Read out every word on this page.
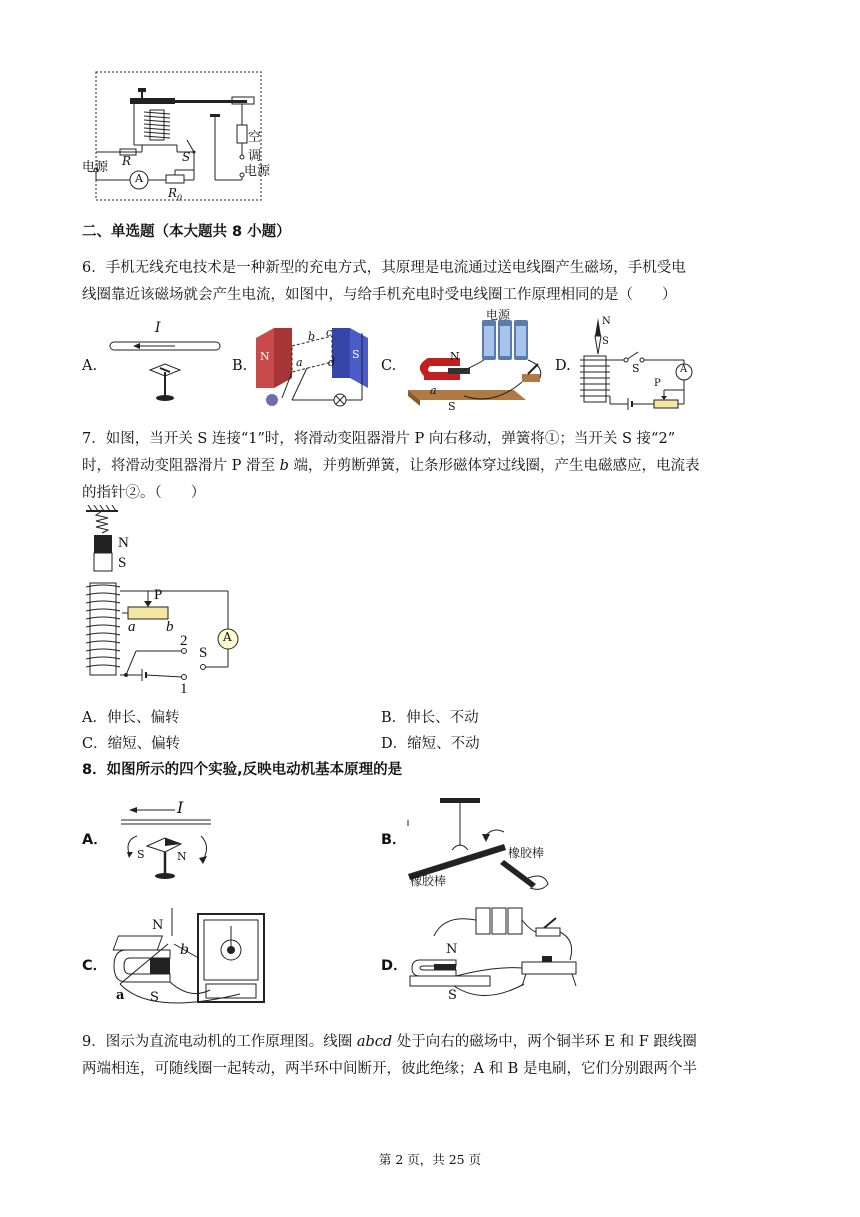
电源	电源
空调
R	S
A
$R_0$
二、单选题（本大题共 8 小题）
6．手机无线充电技术是一种新型的充电方式，其原理是电流通过送电线圈产生磁场，手机受电
线圈靠近该磁场就会产生电流，如图中，与给手机充电时受电线圈工作原理相同的是（　　）
A.
I
B.
N	S
a
b c
d	C.
电源
N
S
a
D.
N
S
S	A
P
7．如图，当开关 S 连接“1”时，将滑动变阻器滑片 P 向右移动，弹簧将①；当开关 S 接“2”
时，将滑动变阻器滑片 P 滑至 b 端，并剪断弹簧，让条形磁体穿过线圈，产生电磁感应，电流表
的指针②。（　　）
N
S
P
a b
A
2
S
1
A．伸长、偏转	B．伸长、不动
C．缩短、偏转	D．缩短、不动
8．如图所示的四个实验,反映电动机基本原理的是
A．
I
S	N
B．
橡胶棒
橡胶棒
C．
N
S
a
b
D．
N
S
9．图示为直流电动机的工作原理图。线圈 abcd 处于向右的磁场中，两个铜半环 E 和 F 跟线圈
两端相连，可随线圈一起转动，两半环中间断开，彼此绝缘；A 和 B 是电刷，它们分别跟两个半
第 2 页，共 25 页
